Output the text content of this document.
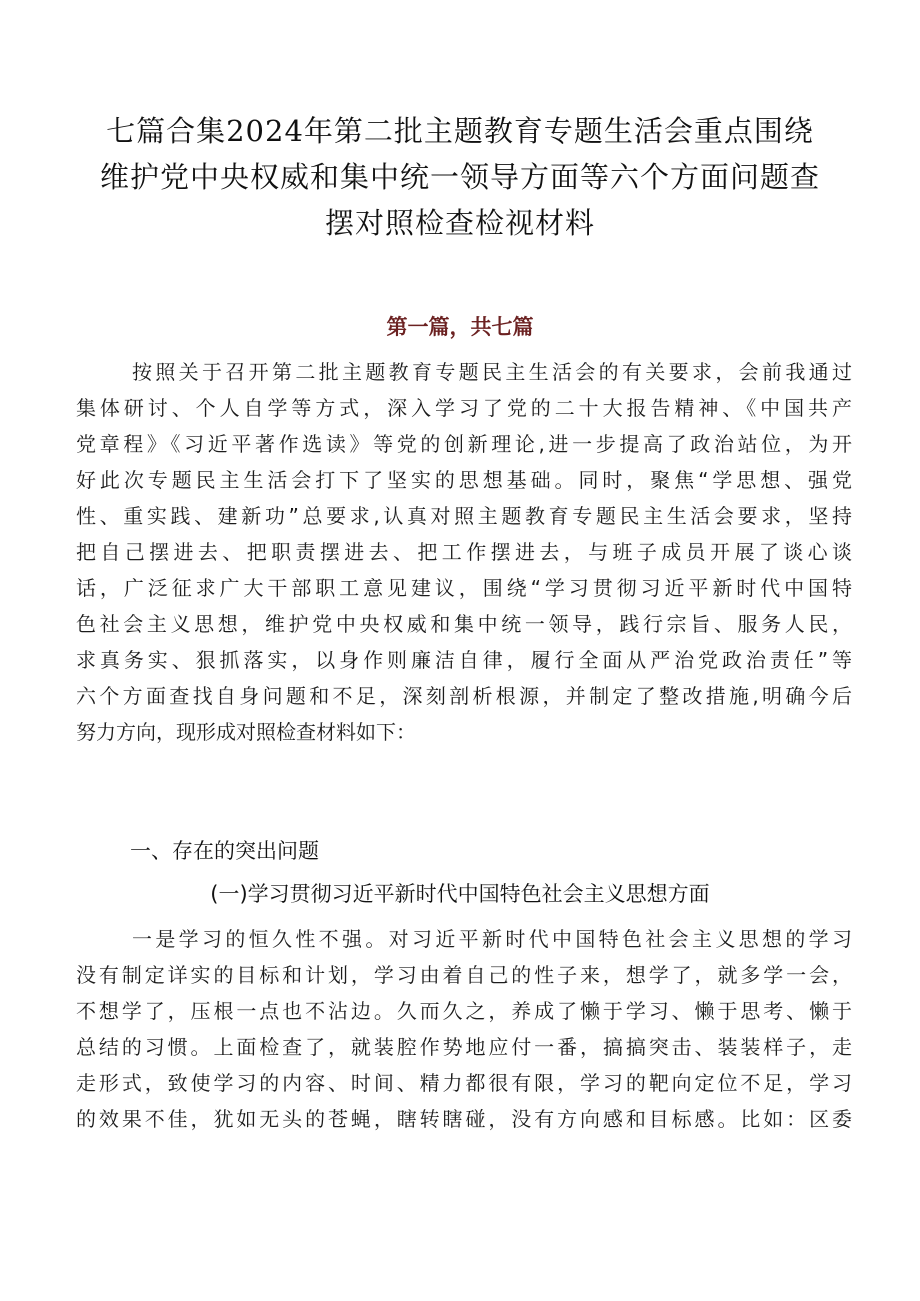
七篇合集2024年第二批主题教育专题生活会重点围绕
维护党中央权威和集中统一领导方面等六个方面问题查
摆对照检查检视材料
第一篇，共七篇
按照关于召开第二批主题教育专题民主生活会的有关要求，会前我通过
集体研讨、个人自学等方式，深入学习了党的二十大报告精神、《中国共产
党章程》《习近平著作选读》等党的创新理论,进一步提高了政治站位，为开
好此次专题民主生活会打下了坚实的思想基础。同时，聚焦“学思想、强党
性、重实践、建新功”总要求,认真对照主题教育专题民主生活会要求，坚持
把自己摆进去、把职责摆进去、把工作摆进去，与班子成员开展了谈心谈
话，广泛征求广大干部职工意见建议，围绕“学习贯彻习近平新时代中国特
色社会主义思想，维护党中央权威和集中统一领导，践行宗旨、服务人民，
求真务实、狠抓落实，以身作则廉洁自律，履行全面从严治党政治责任”等
六个方面查找自身问题和不足，深刻剖析根源，并制定了整改措施,明确今后
努力方向，现形成对照检查材料如下：
一、存在的突出问题
(一)学习贯彻习近平新时代中国特色社会主义思想方面
一是学习的恒久性不强。对习近平新时代中国特色社会主义思想的学习
没有制定详实的目标和计划，学习由着自己的性子来，想学了，就多学一会，
不想学了，压根一点也不沾边。久而久之，养成了懒于学习、懒于思考、懒于
总结的习惯。上面检查了，就装腔作势地应付一番，搞搞突击、装装样子，走
走形式，致使学习的内容、时间、精力都很有限，学习的靶向定位不足，学习
的效果不佳，犹如无头的苍蝇，瞎转瞎碰，没有方向感和目标感。比如：区委
